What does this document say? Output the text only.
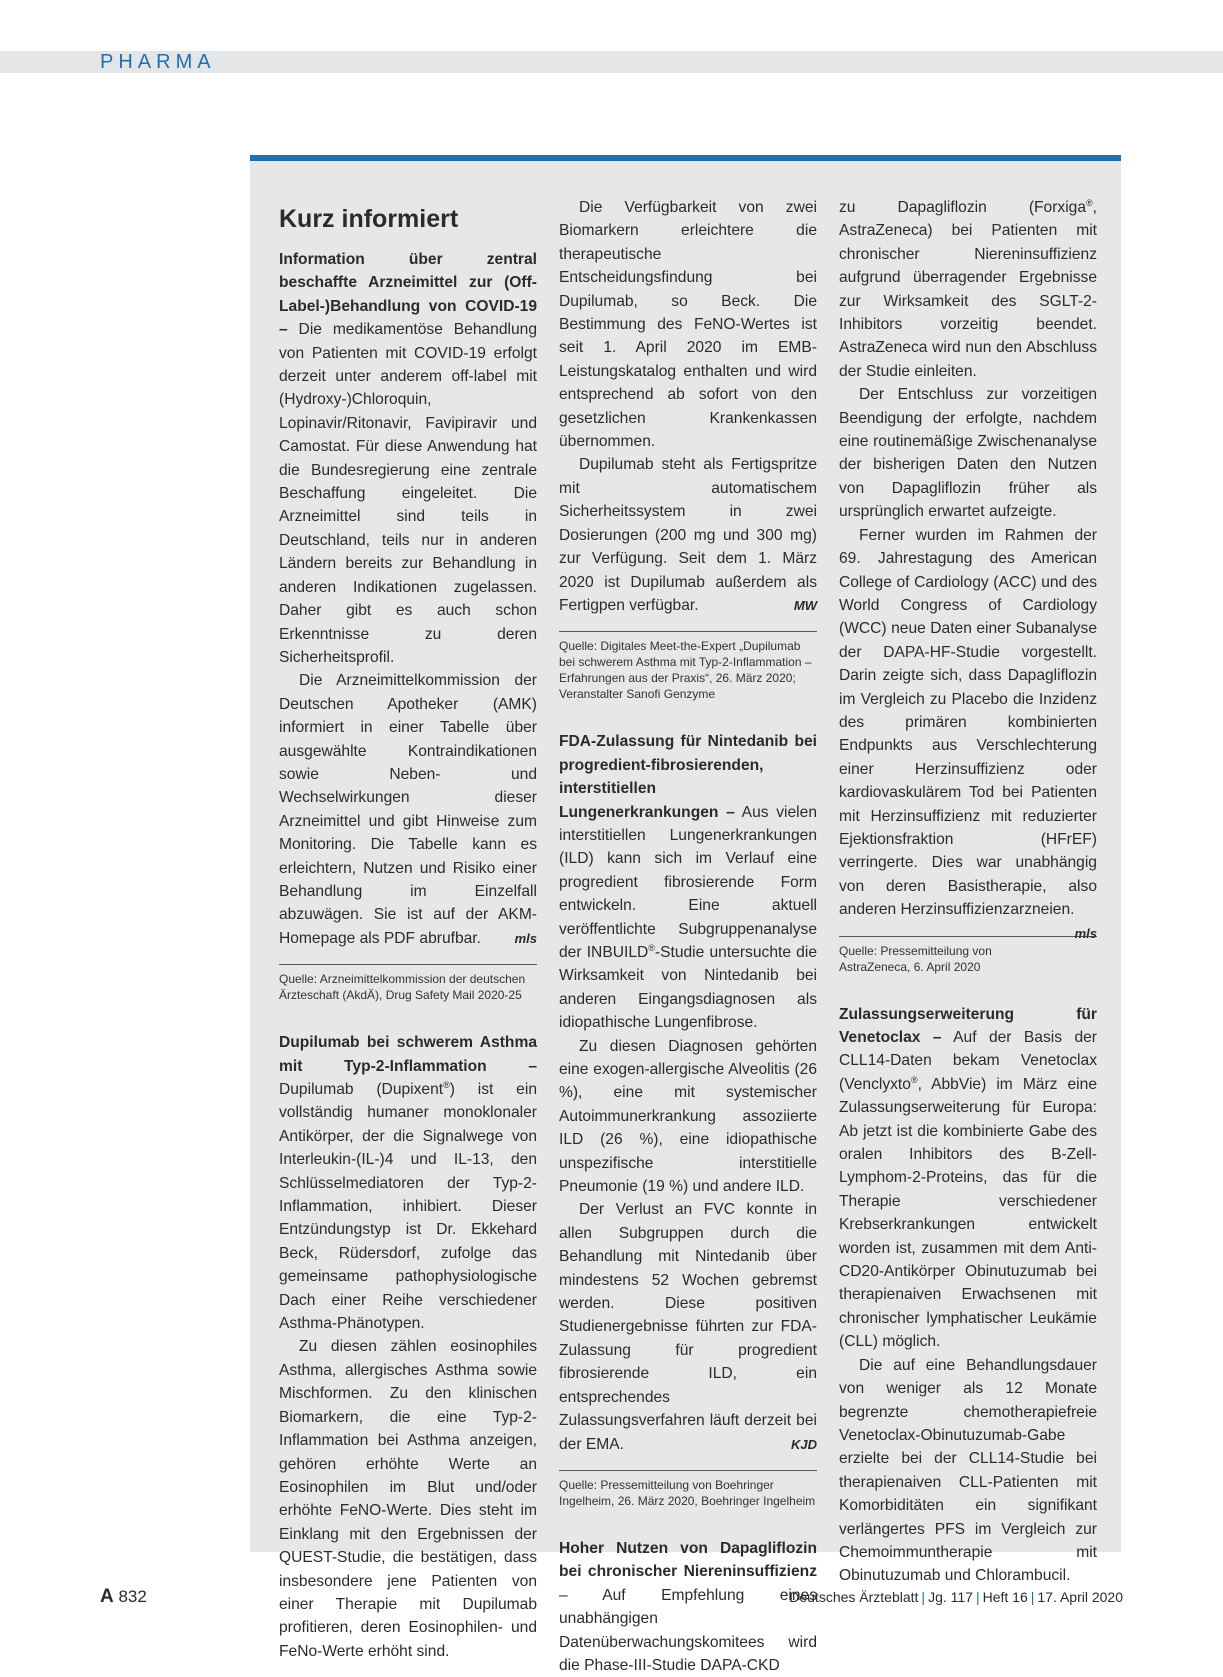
PHARMA
Kurz informiert

Information über zentral beschaffte Arzneimittel zur (Off-Label-)Behandlung von COVID-19 – Die medikamentöse Behandlung von Patienten mit COVID-19 erfolgt derzeit unter anderem off-label mit (Hydroxy-)Chloroquin, Lopinavir/Ritonavir, Favipiravir und Camostat. Für diese Anwendung hat die Bundesregierung eine zentrale Beschaffung eingeleitet. Die Arzneimittel sind teils in Deutschland, teils nur in anderen Ländern bereits zur Behandlung in anderen Indikationen zugelassen. Daher gibt es auch schon Erkenntnisse zu deren Sicherheitsprofil.

Die Arzneimittelkommission der Deutschen Apotheker (AMK) informiert in einer Tabelle über ausgewählte Kontraindikationen sowie Neben- und Wechselwirkungen dieser Arzneimittel und gibt Hinweise zum Monitoring. Die Tabelle kann es erleichtern, Nutzen und Risiko einer Behandlung im Einzelfall abzuwägen. Sie ist auf der AKM-Homepage als PDF abrufbar.	mls

Quelle: Arzneimittelkommission der deutschen Ärzteschaft (AkdÄ), Drug Safety Mail 2020-25

Dupilumab bei schwerem Asthma mit Typ-2-Inflammation – Dupilumab (Dupixent®) ist ein vollständig humaner monoklonaler Antikörper, der die Signalwege von Interleukin-(IL-)4 und IL-13, den Schlüsselmediatoren der Typ-2-Inflammation, inhibiert. Dieser Entzündungstyp ist Dr. Ekkehard Beck, Rüdersdorf, zufolge das gemeinsame pathophysiologische Dach einer Reihe verschiedener Asthma-Phänotypen.

Zu diesen zählen eosinophiles Asthma, allergisches Asthma sowie Mischformen. Zu den klinischen Biomarkern, die eine Typ-2-Inflammation bei Asthma anzeigen, gehören erhöhte Werte an Eosinophilen im Blut und/oder erhöhte FeNO-Werte. Dies steht im Einklang mit den Ergebnissen der QUEST-Studie, die bestätigen, dass insbesondere jene Patienten von einer Therapie mit Dupilumab profitieren, deren Eosinophilen- und FeNo-Werte erhöht sind.

Die Verfügbarkeit von zwei Biomarkern erleichtere die therapeutische Entscheidungsfindung bei Dupilumab, so Beck. Die Bestimmung des FeNO-Wertes ist seit 1. April 2020 im EMB-Leistungskatalog enthalten und wird entsprechend ab sofort von den gesetzlichen Krankenkassen übernommen.

Dupilumab steht als Fertigspritze mit automatischem Sicherheitssystem in zwei Dosierungen (200 mg und 300 mg) zur Verfügung. Seit dem 1. März 2020 ist Dupilumab außerdem als Fertigpen verfügbar.	MW

Quelle: Digitales Meet-the-Expert „Dupilumab bei schwerem Asthma mit Typ-2-Inflammation – Erfahrungen aus der Praxis“, 26. März 2020; Veranstalter Sanofi Genzyme

FDA-Zulassung für Nintedanib bei progredient-fibrosierenden, interstitiellen Lungenerkrankungen – Aus vielen interstitiellen Lungenerkrankungen (ILD) kann sich im Verlauf eine progredient fibrosierende Form entwickeln. Eine aktuell veröffentlichte Subgruppenanalyse der INBUILD®-Studie untersuchte die Wirksamkeit von Nintedanib bei anderen Eingangsdiagnosen als idiopathische Lungenfibrose.

Zu diesen Diagnosen gehörten eine exogen-allergische Alveolitis (26 %), eine mit systemischer Autoimmunerkrankung assoziierte ILD (26 %), eine idiopathische unspezifische interstitielle Pneumonie (19 %) und andere ILD.

Der Verlust an FVC konnte in allen Subgruppen durch die Behandlung mit Nintedanib über mindestens 52 Wochen gebremst werden. Diese positiven Studienergebnisse führten zur FDA-Zulassung für progredient fibrosierende ILD, ein entsprechendes Zulassungsverfahren läuft derzeit bei der EMA.	KJD

Quelle: Pressemitteilung von Boehringer Ingelheim, 26. März 2020, Boehringer Ingelheim

Hoher Nutzen von Dapagliflozin bei chronischer Niereninsuffizienz – Auf Empfehlung eines unabhängigen Datenüberwachungskomitees wird die Phase-III-Studie DAPA-CKD

zu Dapagliflozin (Forxiga®, AstraZeneca) bei Patienten mit chronischer Niereninsuffizienz aufgrund überragender Ergebnisse zur Wirksamkeit des SGLT-2-Inhibitors vorzeitig beendet. AstraZeneca wird nun den Abschluss der Studie einleiten.

Der Entschluss zur vorzeitigen Beendigung der erfolgte, nachdem eine routinemäßige Zwischenanalyse der bisherigen Daten den Nutzen von Dapagliflozin früher als ursprünglich erwartet aufzeigte.

Ferner wurden im Rahmen der 69. Jahrestagung des American College of Cardiology (ACC) und des World Congress of Cardiology (WCC) neue Daten einer Subanalyse der DAPA-HF-Studie vorgestellt. Darin zeigte sich, dass Dapagliflozin im Vergleich zu Placebo die Inzidenz des primären kombinierten Endpunkts aus Verschlechterung einer Herzinsuffizienz oder kardiovaskulärem Tod bei Patienten mit Herzinsuffizienz mit reduzierter Ejektionsfraktion (HFrEF) verringerte. Dies war unabhängig von deren Basistherapie, also anderen Herzinsuffizienzarzneien.
mls

Quelle: Pressemitteilung von AstraZeneca, 6. April 2020

Zulassungserweiterung für Venetoclax – Auf der Basis der CLL14-Daten bekam Venetoclax (Venclyxto®, AbbVie) im März eine Zulassungserweiterung für Europa: Ab jetzt ist die kombinierte Gabe des oralen Inhibitors des B-Zell-Lymphom-2-Proteins, das für die Therapie verschiedener Krebserkrankungen entwickelt worden ist, zusammen mit dem Anti-CD20-Antikörper Obinutuzumab bei therapienaiven Erwachsenen mit chronischer lymphatischer Leukämie (CLL) möglich.

Die auf eine Behandlungsdauer von weniger als 12 Monate begrenzte chemotherapiefreie Venetoclax-Obinutuzumab-Gabe erzielte bei der CLL14-Studie bei therapienaiven CLL-Patienten mit Komorbiditäten ein signifikant verlängertes PFS im Vergleich zur Chemoimmuntherapie mit Obinutuzumab und Chlorambucil.

A 832	Deutsches Ärzteblatt | Jg. 117 | Heft 16 | 17. April 2020
